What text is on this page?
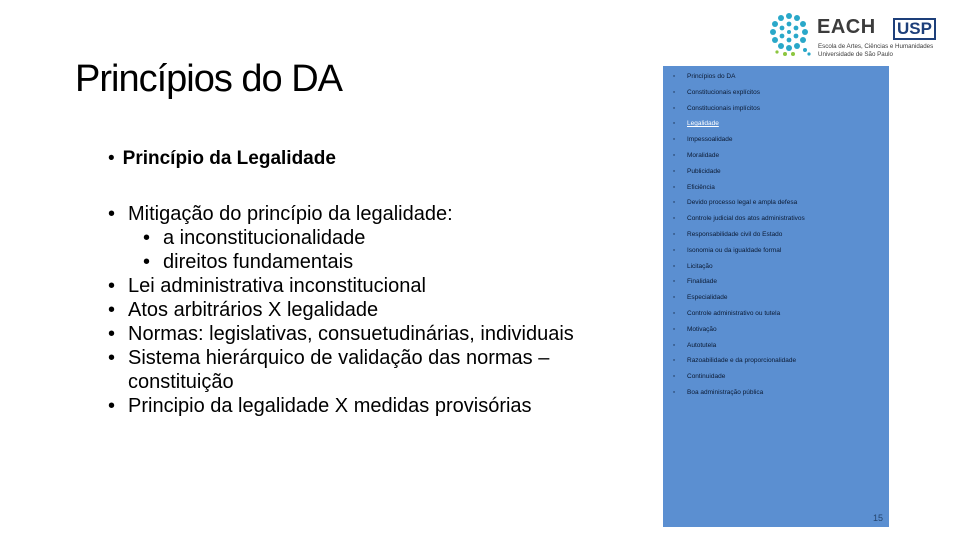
Princípios do DA
• Princípio da Legalidade
• Mitigação do princípio da legalidade:
• a inconstitucionalidade
• direitos fundamentais
• Lei administrativa inconstitucional
• Atos arbitrários X legalidade
• Normas: legislativas, consuetudinárias, individuais
• Sistema hierárquico de validação das normas – constituição
• Principio da legalidade X medidas provisórias
EACH USP
Escola de Artes, Ciências e Humanidades
Universidade de São Paulo
▫ Princípios do DA
▫ Constitucionais explícitos
▫ Constitucionais implícitos
▫ Legalidade
▫ Impessoalidade
▫ Moralidade
▫ Publicidade
▫ Eficiência
▫ Devido processo legal e ampla defesa
▫ Controle judicial dos atos administrativos
▫ Responsabilidade civil do Estado
▫ Isonomia ou da igualdade formal
▫ Licitação
▫ Finalidade
▫ Especialidade
▫ Controle administrativo ou tutela
▫ Motivação
▫ Autotutela
▫ Razoabilidade e da proporcionalidade
▫ Continuidade
▫ Boa administração pública
15
